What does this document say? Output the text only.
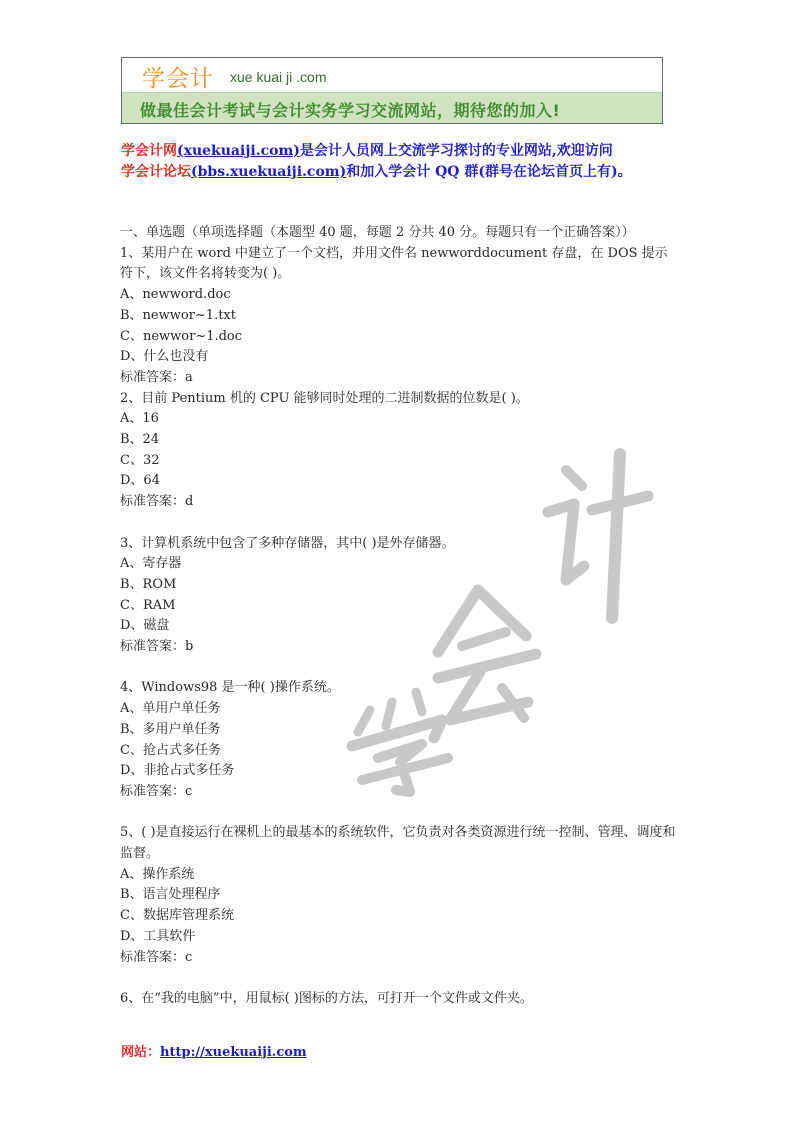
学会计 xue kuai ji .com
做最佳会计考试与会计实务学习交流网站，期待您的加入!
学会计网(xuekuaiji.com)是会计人员网上交流学习探讨的专业网站,欢迎访问
学会计论坛(bbs.xuekuaiji.com)和加入学会计 QQ 群(群号在论坛首页上有)。
一、单选题（单项选择题（本题型 40 题，每题 2 分共 40 分。每题只有一个正确答案））
1、某用户在 word 中建立了一个文档，并用文件名 newworddocument 存盘，在 DOS 提示符下，该文件名将转变为( )。
A、newword.doc
B、newwor~1.txt
C、newwor~1.doc
D、什么也没有
标准答案：a
2、目前 Pentium 机的 CPU 能够同时处理的二进制数据的位数是( )。
A、16
B、24
C、32
D、64
标准答案：d
3、计算机系统中包含了多种存储器，其中( )是外存储器。
A、寄存器
B、ROM
C、RAM
D、磁盘
标准答案：b
4、Windows98 是一种( )操作系统。
A、单用户单任务
B、多用户单任务
C、抢占式多任务
D、非抢占式多任务
标准答案：c
5、( )是直接运行在裸机上的最基本的系统软件，它负责对各类资源进行统一控制、管理、调度和监督。
A、操作系统
B、语言处理程序
C、数据库管理系统
D、工具软件
标准答案：c
6、在“我的电脑”中，用鼠标( )图标的方法，可打开一个文件或文件夹。
网站：http://xuekuaiji.com
